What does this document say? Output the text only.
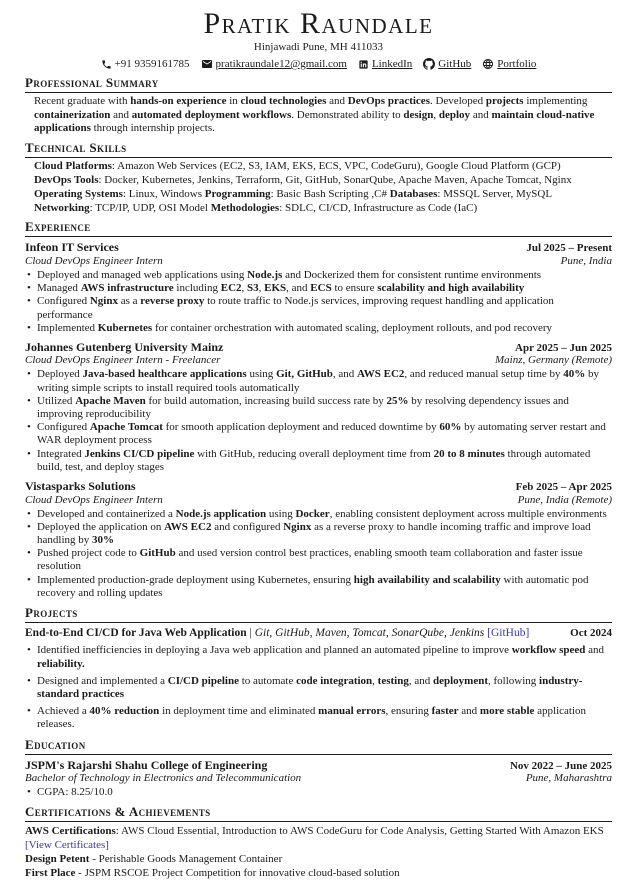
Pratik Raundale
Hinjawadi Pune, MH 411033
+91 9359161785 pratikraundale12@gmail.com LinkedIn GitHub Portfolio
Professional Summary

Recent graduate with hands-on experience in cloud technologies and DevOps practices. Developed projects implementing containerization and automated deployment workflows. Demonstrated ability to design, deploy and maintain cloud-native applications through internship projects.

Technical Skills
Cloud Platforms: Amazon Web Services (EC2, S3, IAM, EKS, ECS, VPC, CodeGuru), Google Cloud Platform (GCP)
DevOps Tools: Docker, Kubernetes, Jenkins, Terraform, Git, GitHub, SonarQube, Apache Maven, Apache Tomcat, Nginx
Operating Systems: Linux, Windows Programming: Basic Bash Scripting ,C# Databases: MSSQL Server, MySQL
Networking: TCP/IP, UDP, OSI Model Methodologies: SDLC, CI/CD, Infrastructure as Code (IaC)
Experience
Infeon IT Services	Jul 2025 – Present
Cloud DevOps Engineer Intern	Pune, India
• Deployed and managed web applications using Node.js and Dockerized them for consistent runtime environments
• Managed AWS infrastructure including EC2, S3, EKS, and ECS to ensure scalability and high availability
• Configured Nginx as a reverse proxy to route traffic to Node.js services, improving request handling and application performance
• Implemented Kubernetes for container orchestration with automated scaling, deployment rollouts, and pod recovery
Johannes Gutenberg University Mainz	Apr 2025 – Jun 2025
Cloud DevOps Engineer Intern - Freelancer	Mainz, Germany (Remote)
• Deployed Java-based healthcare applications using Git, GitHub, and AWS EC2, and reduced manual setup time by 40% by writing simple scripts to install required tools automatically
• Utilized Apache Maven for build automation, increasing build success rate by 25% by resolving dependency issues and improving reproducibility
• Configured Apache Tomcat for smooth application deployment and reduced downtime by 60% by automating server restart and WAR deployment process
• Integrated Jenkins CI/CD pipeline with GitHub, reducing overall deployment time from 20 to 8 minutes through automated build, test, and deploy stages
Vistasparks Solutions	Feb 2025 – Apr 2025
Cloud DevOps Engineer Intern	Pune, India (Remote)
• Developed and containerized a Node.js application using Docker, enabling consistent deployment across multiple environments
• Deployed the application on AWS EC2 and configured Nginx as a reverse proxy to handle incoming traffic and improve load handling by 30%
• Pushed project code to GitHub and used version control best practices, enabling smooth team collaboration and faster issue resolution
• Implemented production-grade deployment using Kubernetes, ensuring high availability and scalability with automatic pod recovery and rolling updates
Projects
End-to-End CI/CD for Java Web Application | Git, GitHub, Maven, Tomcat, SonarQube, Jenkins [GitHub]	Oct 2024
• Identified inefficiencies in deploying a Java web application and planned an automated pipeline to improve workflow speed and reliability.
• Designed and implemented a CI/CD pipeline to automate code integration, testing, and deployment, following industry-standard practices
• Achieved a 40% reduction in deployment time and eliminated manual errors, ensuring faster and more stable application releases.
Education
JSPM's Rajarshi Shahu College of Engineering	Nov 2022 – June 2025
Bachelor of Technology in Electronics and Telecommunication	Pune, Maharashtra
• CGPA: 8.25/10.0
Certifications & Achievements
AWS Certifications: AWS Cloud Essential, Introduction to AWS CodeGuru for Code Analysis, Getting Started With Amazon EKS [View Certificates]
Design Petent - Perishable Goods Management Container
First Place - JSPM RSCOE Project Competition for innovative cloud-based solution
